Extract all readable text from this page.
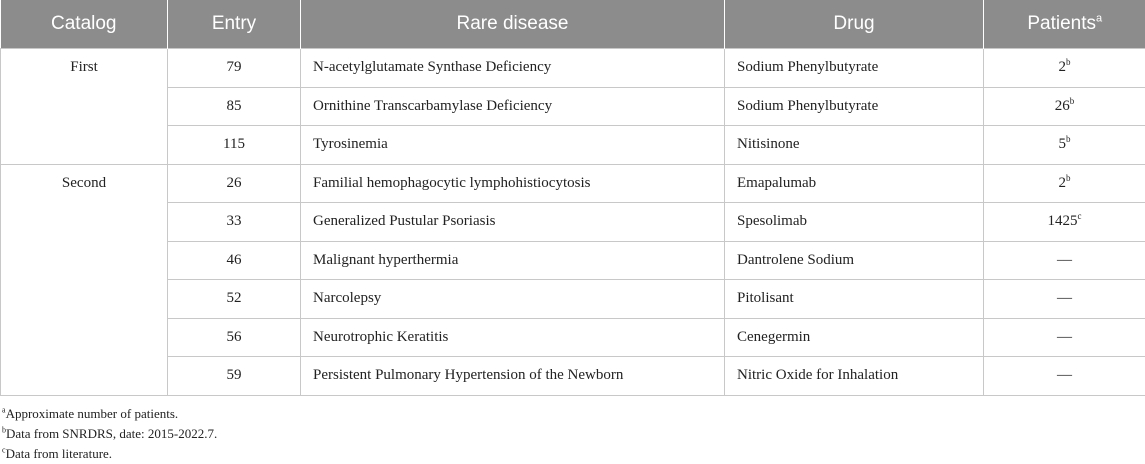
Catalog	Entry	Rare disease	Drug	Patients$^a$
First	79	N-acetylglutamate Synthase Deficiency	Sodium Phenylbutyrate	2$^b$
	85	Ornithine Transcarbamylase Deficiency	Sodium Phenylbutyrate	26$^b$
	115	Tyrosinemia	Nitisinone	5$^b$
Second	26	Familial hemophagocytic lymphohistiocytosis	Emapalumab	2$^b$
	33	Generalized Pustular Psoriasis	Spesolimab	1425$^c$
	46	Malignant hyperthermia	Dantrolene Sodium	—
	52	Narcolepsy	Pitolisant	—
	56	Neurotrophic Keratitis	Cenegermin	—
	59	Persistent Pulmonary Hypertension of the Newborn	Nitric Oxide for Inhalation	—
$^a$Approximate number of patients.
$^b$Data from SNRDRS, date: 2015-2022.7.
$^c$Data from literature.
